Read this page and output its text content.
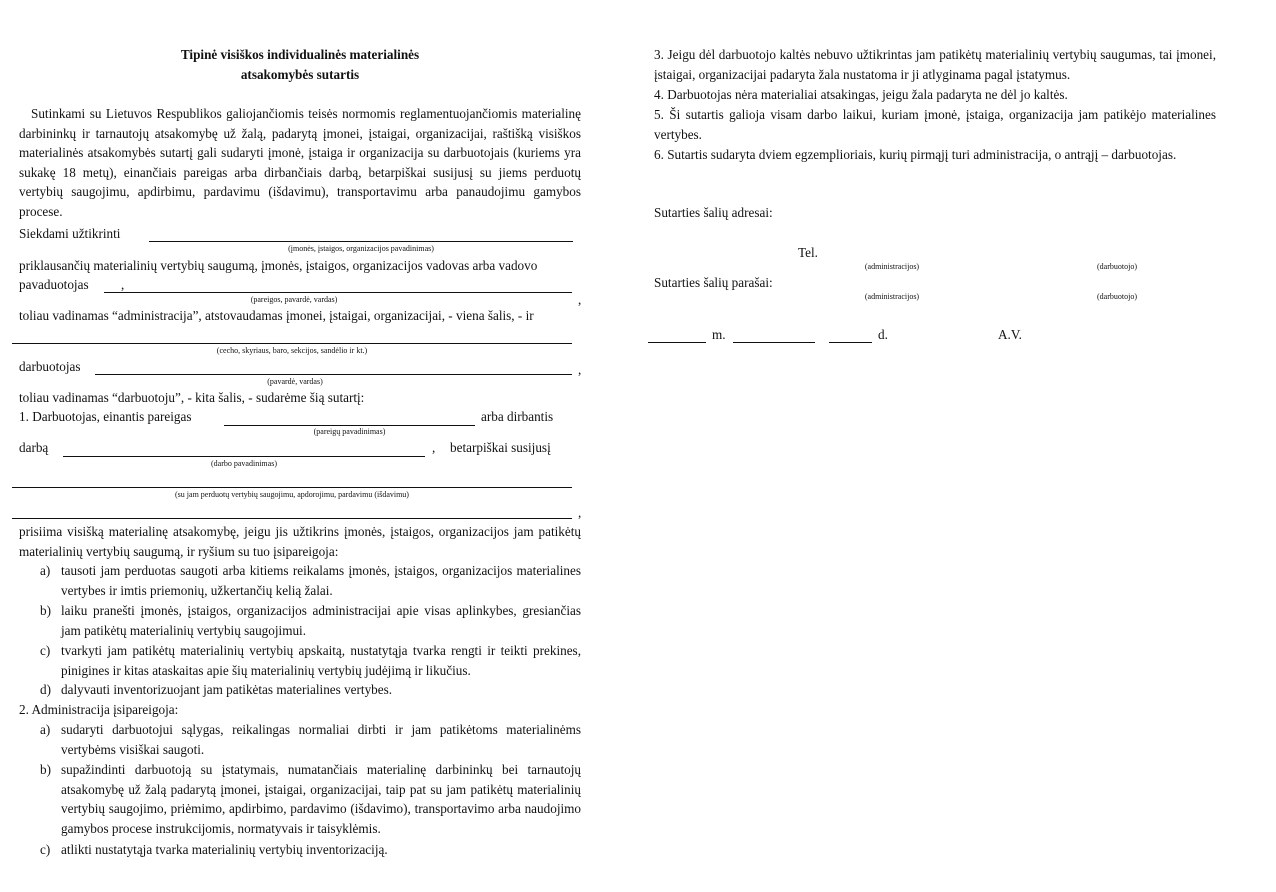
Tipinė visiškos individualinės materialinės
atsakomybės sutartis
Sutinkami su Lietuvos Respublikos galiojančiomis teisės normomis reglamentuojančiomis materialinę darbininkų ir tarnautojų atsakomybę už žalą, padarytą įmonei, įstaigai, organizacijai, raštišką visiškos materialinės atsakomybės sutartį gali sudaryti įmonė, įstaiga ir organizacija su darbuotojais (kuriems yra sukakę 18 metų), einančiais pareigas arba dirbančiais darbą, betarpiškai susijusį su jiems perduotų vertybių saugojimu, apdirbimu, pardavimu (išdavimu), transportavimu arba panaudojimu gamybos procese.
Siekdami užtikrinti
(įmonės, įstaigos, organizacijos pavadinimas)
priklausančių materialinių vertybių saugumą, įmonės, įstaigos, organizacijos vadovas arba vadovo
pavaduotojas ,
,
(pareigos, pavardė, vardas)
toliau vadinamas “administracija”, atstovaudamas įmonei, įstaigai, organizacijai, - viena šalis, - ir
(cecho, skyriaus, baro, sekcijos, sandėlio ir kt.)
darbuotojas	,
(pavardė, vardas)
toliau vadinamas “darbuotoju”, - kita šalis, - sudarėme šią sutartį:
1. Darbuotojas, einantis pareigas	arba dirbantis
(pareigų pavadinimas)
darbą	, betarpiškai susijusį
(darbo pavadinimas)
(su jam perduotų vertybių saugojimu, apdorojimu, pardavimu (išdavimu)
,
prisiima visišką materialinę atsakomybę, jeigu jis užtikrins įmonės, įstaigos, organizacijos jam patikėtų materialinių vertybių saugumą, ir ryšium su tuo įsipareigoja:
a) tausoti jam perduotas saugoti arba kitiems reikalams įmonės, įstaigos, organizacijos materialines vertybes ir imtis priemonių, užkertančių kelią žalai.
b) laiku pranešti įmonės, įstaigos, organizacijos administracijai apie visas aplinkybes, gresiančias jam patikėtų materialinių vertybių saugojimui.
c) tvarkyti jam patikėtų materialinių vertybių apskaitą, nustatytąja tvarka rengti ir teikti prekines, pinigines ir kitas ataskaitas apie šių materialinių vertybių judėjimą ir likučius.
d) dalyvauti inventorizuojant jam patikėtas materialines vertybes.
2. Administracija įsipareigoja:
a) sudaryti darbuotojui sąlygas, reikalingas normaliai dirbti ir jam patikėtoms materialinėms vertybėms visiškai saugoti.
b) supažindinti darbuotoją su įstatymais, numatančiais materialinę darbininkų bei tarnautojų atsakomybę už žalą padarytą įmonei, įstaigai, organizacijai, taip pat su jam patikėtų materialinių vertybių saugojimo, priėmimo, apdirbimo, pardavimo (išdavimo), transportavimo arba naudojimo gamybos procese instrukcijomis, normatyvais ir taisyklėmis.
c) atlikti nustatytąja tvarka materialinių vertybių inventorizaciją.
3. Jeigu dėl darbuotojo kaltės nebuvo užtikrintas jam patikėtų materialinių vertybių saugumas, tai įmonei, įstaigai, organizacijai padaryta žala nustatoma ir ji atlyginama pagal įstatymus.
4. Darbuotojas nėra materialiai atsakingas, jeigu žala padaryta ne dėl jo kaltės.
5. Ši sutartis galioja visam darbo laikui, kuriam įmonė, įstaiga, organizacija jam patikėjo materialines vertybes.
6. Sutartis sudaryta dviem egzemplioriais, kurių pirmąjį turi administracija, o antrąjį – darbuotojas.
Sutarties šalių adresai:
Tel.
(administracijos)	(darbuotojo)
Sutarties šalių parašai:
(administracijos)	(darbuotojo)
m.	d.	A.V.
